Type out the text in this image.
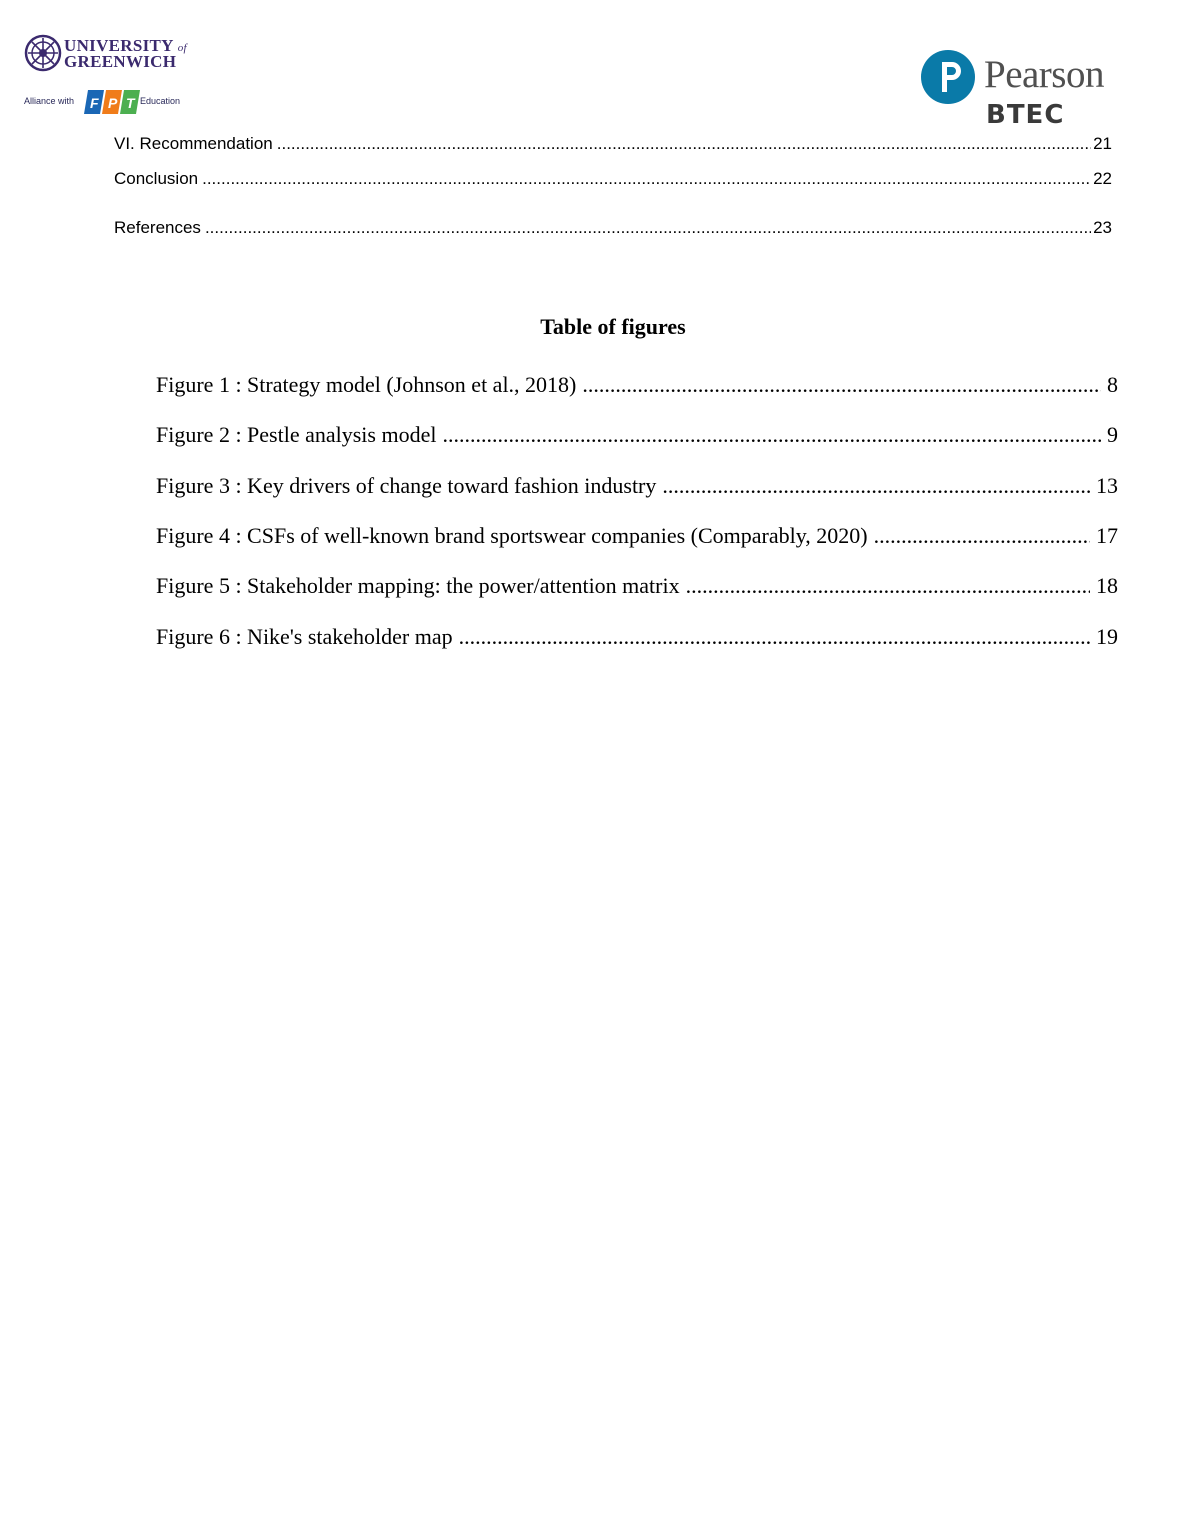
UNIVERSITY of
GREENWICH
Alliance with F P T Education
Pearson
BTEC
VI. Recommendation .....	21
Conclusion .....	22
References .....	23
Table of figures
Figure 1 : Strategy model (Johnson et al., 2018) .....	8
Figure 2 : Pestle analysis model .....	9
Figure 3 : Key drivers of change toward fashion industry .....	13
Figure 4 : CSFs of well-known brand sportswear companies (Comparably, 2020) .....	17
Figure 5 : Stakeholder mapping: the power/attention matrix .....	18
Figure 6 : Nike's stakeholder map .....	19
